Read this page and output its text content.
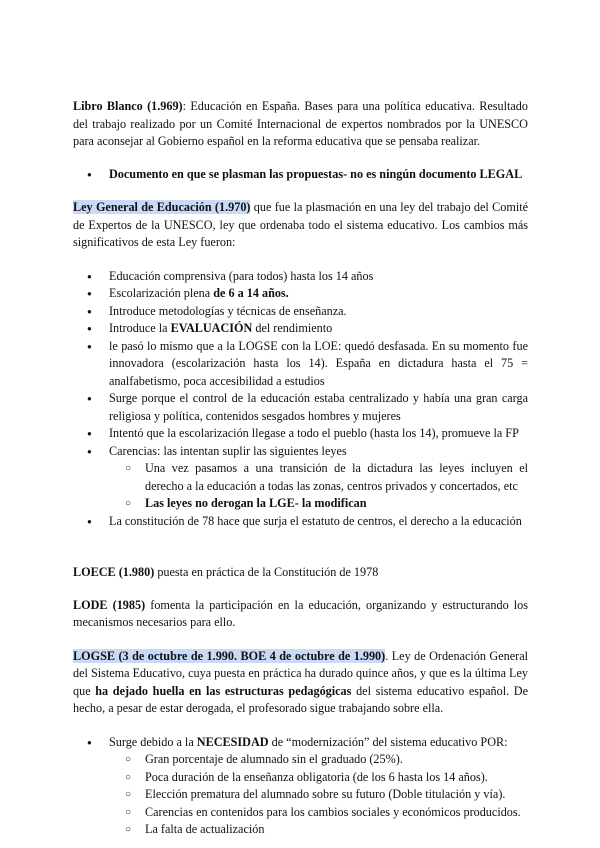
Libro Blanco (1.969): Educación en España. Bases para una política educativa. Resultado del trabajo realizado por un Comité Internacional de expertos nombrados por la UNESCO para aconsejar al Gobierno español en la reforma educativa que se pensaba realizar.

● Documento en que se plasman las propuestas- no es ningún documento LEGAL

Ley General de Educación (1.970) que fue la plasmación en una ley del trabajo del Comité de Expertos de la UNESCO, ley que ordenaba todo el sistema educativo. Los cambios más significativos de esta Ley fueron:

● Educación comprensiva (para todos) hasta los 14 años
● Escolarización plena de 6 a 14 años.
● Introduce metodologías y técnicas de enseñanza.
● Introduce la EVALUACIÓN del rendimiento
● le pasó lo mismo que a la LOGSE con la LOE: quedó desfasada. En su momento fue innovadora (escolarización hasta los 14). España en dictadura hasta el 75 = analfabetismo, poca accesibilidad a estudios
● Surge porque el control de la educación estaba centralizado y había una gran carga religiosa y política, contenidos sesgados hombres y mujeres
● Intentó que la escolarización llegase a todo el pueblo (hasta los 14), promueve la FP
● Carencias: las intentan suplir las siguientes leyes
○ Una vez pasamos a una transición de la dictadura las leyes incluyen el derecho a la educación a todas las zonas, centros privados y concertados, etc
○ Las leyes no derogan la LGE- la modifican
● La constitución de 78 hace que surja el estatuto de centros, el derecho a la educación

LOECE (1.980) puesta en práctica de la Constitución de 1978

LODE (1985) fomenta la participación en la educación, organizando y estructurando los mecanismos necesarios para ello.

LOGSE (3 de octubre de 1.990. BOE 4 de octubre de 1.990). Ley de Ordenación General del Sistema Educativo, cuya puesta en práctica ha durado quince años, y que es la última Ley que ha dejado huella en las estructuras pedagógicas del sistema educativo español. De hecho, a pesar de estar derogada, el profesorado sigue trabajando sobre ella.

● Surge debido a la NECESIDAD de “modernización” del sistema educativo POR:
○ Gran porcentaje de alumnado sin el graduado (25%).
○ Poca duración de la enseñanza obligatoria (de los 6 hasta los 14 años).
○ Elección prematura del alumnado sobre su futuro (Doble titulación y vía).
○ Carencias en contenidos para los cambios sociales y económicos producidos.
○ La falta de actualización
